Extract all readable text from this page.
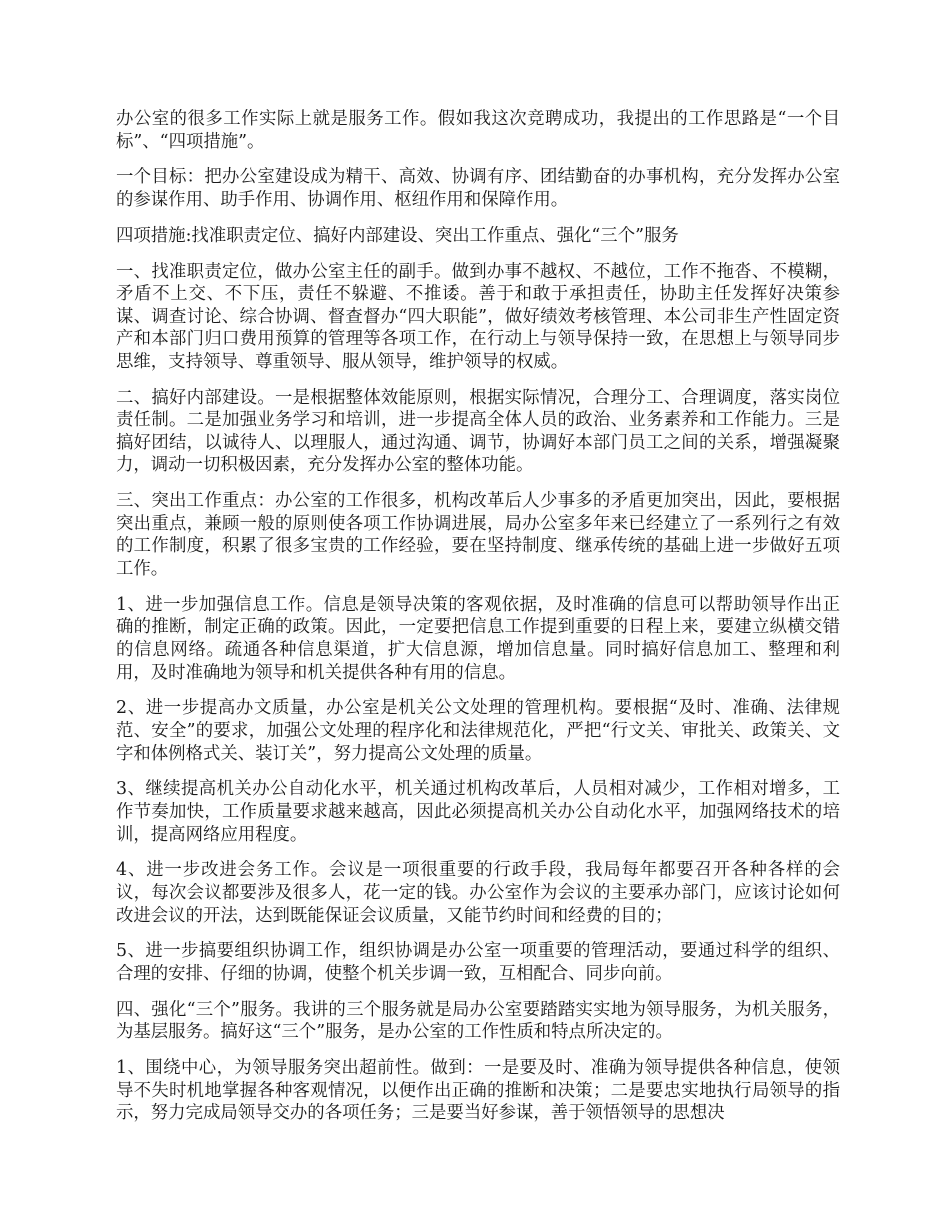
办公室的很多工作实际上就是服务工作。假如我这次竞聘成功，我提出的工作思路是“一个目标”、“四项措施”。

一个目标：把办公室建设成为精干、高效、协调有序、团结勤奋的办事机构，充分发挥办公室的参谋作用、助手作用、协调作用、枢纽作用和保障作用。

四项措施:找准职责定位、搞好内部建设、突出工作重点、强化“三个”服务

一、找准职责定位，做办公室主任的副手。做到办事不越权、不越位，工作不拖沓、不模糊，矛盾不上交、不下压，责任不躲避、不推诿。善于和敢于承担责任，协助主任发挥好决策参谋、调查讨论、综合协调、督查督办“四大职能”，做好绩效考核管理、本公司非生产性固定资产和本部门归口费用预算的管理等各项工作，在行动上与领导保持一致，在思想上与领导同步思维，支持领导、尊重领导、服从领导，维护领导的权威。

二、搞好内部建设。一是根据整体效能原则，根据实际情况，合理分工、合理调度，落实岗位责任制。二是加强业务学习和培训，进一步提高全体人员的政治、业务素养和工作能力。三是搞好团结，以诚待人、以理服人，通过沟通、调节，协调好本部门员工之间的关系，增强凝聚力，调动一切积极因素，充分发挥办公室的整体功能。

三、突出工作重点：办公室的工作很多，机构改革后人少事多的矛盾更加突出，因此，要根据突出重点，兼顾一般的原则使各项工作协调进展，局办公室多年来已经建立了一系列行之有效的工作制度，积累了很多宝贵的工作经验，要在坚持制度、继承传统的基础上进一步做好五项工作。

1、进一步加强信息工作。信息是领导决策的客观依据，及时准确的信息可以帮助领导作出正确的推断，制定正确的政策。因此，一定要把信息工作提到重要的日程上来，要建立纵横交错的信息网络。疏通各种信息渠道，扩大信息源，增加信息量。同时搞好信息加工、整理和利用，及时准确地为领导和机关提供各种有用的信息。

2、进一步提高办文质量，办公室是机关公文处理的管理机构。要根据“及时、准确、法律规范、安全”的要求，加强公文处理的程序化和法律规范化，严把“行文关、审批关、政策关、文字和体例格式关、装订关”，努力提高公文处理的质量。

3、继续提高机关办公自动化水平，机关通过机构改革后，人员相对减少，工作相对增多，工作节奏加快，工作质量要求越来越高，因此必须提高机关办公自动化水平，加强网络技术的培训，提高网络应用程度。

4、进一步改进会务工作。会议是一项很重要的行政手段，我局每年都要召开各种各样的会议，每次会议都要涉及很多人，花一定的钱。办公室作为会议的主要承办部门，应该讨论如何改进会议的开法，达到既能保证会议质量，又能节约时间和经费的目的；

5、进一步搞要组织协调工作，组织协调是办公室一项重要的管理活动，要通过科学的组织、合理的安排、仔细的协调，使整个机关步调一致，互相配合、同步向前。

四、强化“三个”服务。我讲的三个服务就是局办公室要踏踏实实地为领导服务，为机关服务，为基层服务。搞好这“三个”服务，是办公室的工作性质和特点所决定的。

1、围绕中心，为领导服务突出超前性。做到：一是要及时、准确为领导提供各种信息，使领导不失时机地掌握各种客观情况，以便作出正确的推断和决策；二是要忠实地执行局领导的指示，努力完成局领导交办的各项任务；三是要当好参谋，善于领悟领导的思想决
